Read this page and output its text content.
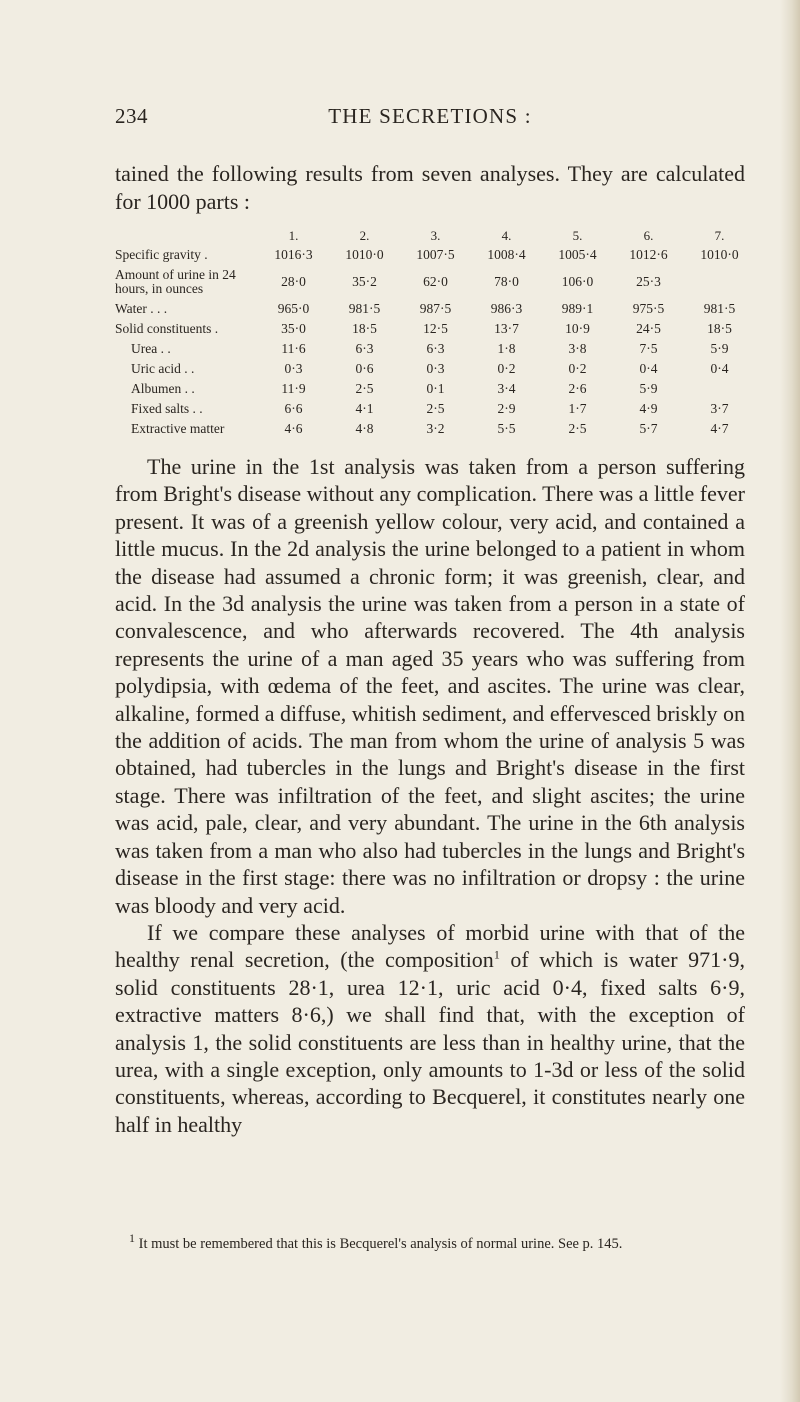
234	THE SECRETIONS :
tained the following results from seven analyses. They are calculated for 1000 parts :
	1.	2.	3.	4.	5.	6.	7.
Specific gravity .	1016·3	1010·0	1007·5	1008·4	1005·4	1012·6	1010·0
Amount of urine in 24 hours, in ounces	28·0	35·2	62·0	78·0	106·0	25·3	
Water . . .	965·0	981·5	987·5	986·3	989·1	975·5	981·5
Solid constituents .	35·0	18·5	12·5	13·7	10·9	24·5	18·5
Urea . .	11·6	6·3	6·3	1·8	3·8	7·5	5·9
Uric acid . .	0·3	0·6	0·3	0·2	0·2	0·4	0·4
Albumen . .	11·9	2·5	0·1	3·4	2·6	5·9	
Fixed salts . .	6·6	4·1	2·5	2·9	1·7	4·9	3·7
Extractive matter	4·6	4·8	3·2	5·5	2·5	5·7	4·7

The urine in the 1st analysis was taken from a person suffering from Bright's disease without any complication. There was a little fever present. It was of a greenish yellow colour, very acid, and contained a little mucus. In the 2d analysis the urine belonged to a patient in whom the disease had assumed a chronic form; it was greenish, clear, and acid. In the 3d analysis the urine was taken from a person in a state of convalescence, and who afterwards recovered. The 4th analysis represents the urine of a man aged 35 years who was suffering from polydipsia, with œdema of the feet, and ascites. The urine was clear, alkaline, formed a diffuse, whitish sediment, and effervesced briskly on the addition of acids. The man from whom the urine of analysis 5 was obtained, had tubercles in the lungs and Bright's disease in the first stage. There was infiltration of the feet, and slight ascites; the urine was acid, pale, clear, and very abundant. The urine in the 6th analysis was taken from a man who also had tubercles in the lungs and Bright's disease in the first stage: there was no infiltration or dropsy : the urine was bloody and very acid.

If we compare these analyses of morbid urine with that of the healthy renal secretion, (the composition$^1$ of which is water 971·9, solid constituents 28·1, urea 12·1, uric acid 0·4, fixed salts 6·9, extractive matters 8·6,) we shall find that, with the exception of analysis 1, the solid constituents are less than in healthy urine, that the urea, with a single exception, only amounts to 1-3d or less of the solid constituents, whereas, according to Becquerel, it constitutes nearly one half in healthy

$^1$ It must be remembered that this is Becquerel's analysis of normal urine. See p. 145.
